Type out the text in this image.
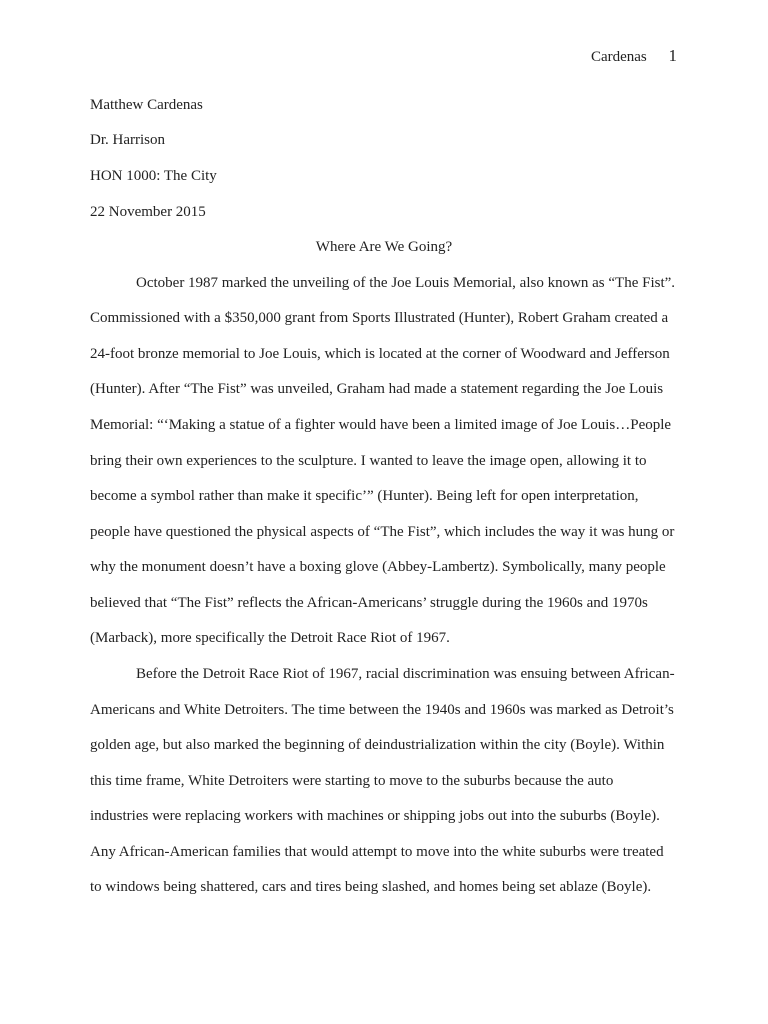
Cardenas 1
Matthew Cardenas
Dr. Harrison
HON 1000: The City
22 November 2015
Where Are We Going?
October 1987 marked the unveiling of the Joe Louis Memorial, also known as “The Fist”.
Commissioned with a $350,000 grant from Sports Illustrated (Hunter), Robert Graham created a
24-foot bronze memorial to Joe Louis, which is located at the corner of Woodward and Jefferson
(Hunter). After “The Fist” was unveiled, Graham had made a statement regarding the Joe Louis
Memorial: “‘Making a statue of a fighter would have been a limited image of Joe Louis…People
bring their own experiences to the sculpture. I wanted to leave the image open, allowing it to
become a symbol rather than make it specific’” (Hunter). Being left for open interpretation,
people have questioned the physical aspects of “The Fist”, which includes the way it was hung or
why the monument doesn’t have a boxing glove (Abbey-Lambertz). Symbolically, many people
believed that “The Fist” reflects the African-Americans’ struggle during the 1960s and 1970s
(Marback), more specifically the Detroit Race Riot of 1967.
Before the Detroit Race Riot of 1967, racial discrimination was ensuing between African-
Americans and White Detroiters. The time between the 1940s and 1960s was marked as Detroit’s
golden age, but also marked the beginning of deindustrialization within the city (Boyle). Within
this time frame, White Detroiters were starting to move to the suburbs because the auto
industries were replacing workers with machines or shipping jobs out into the suburbs (Boyle).
Any African-American families that would attempt to move into the white suburbs were treated
to windows being shattered, cars and tires being slashed, and homes being set ablaze (Boyle).
